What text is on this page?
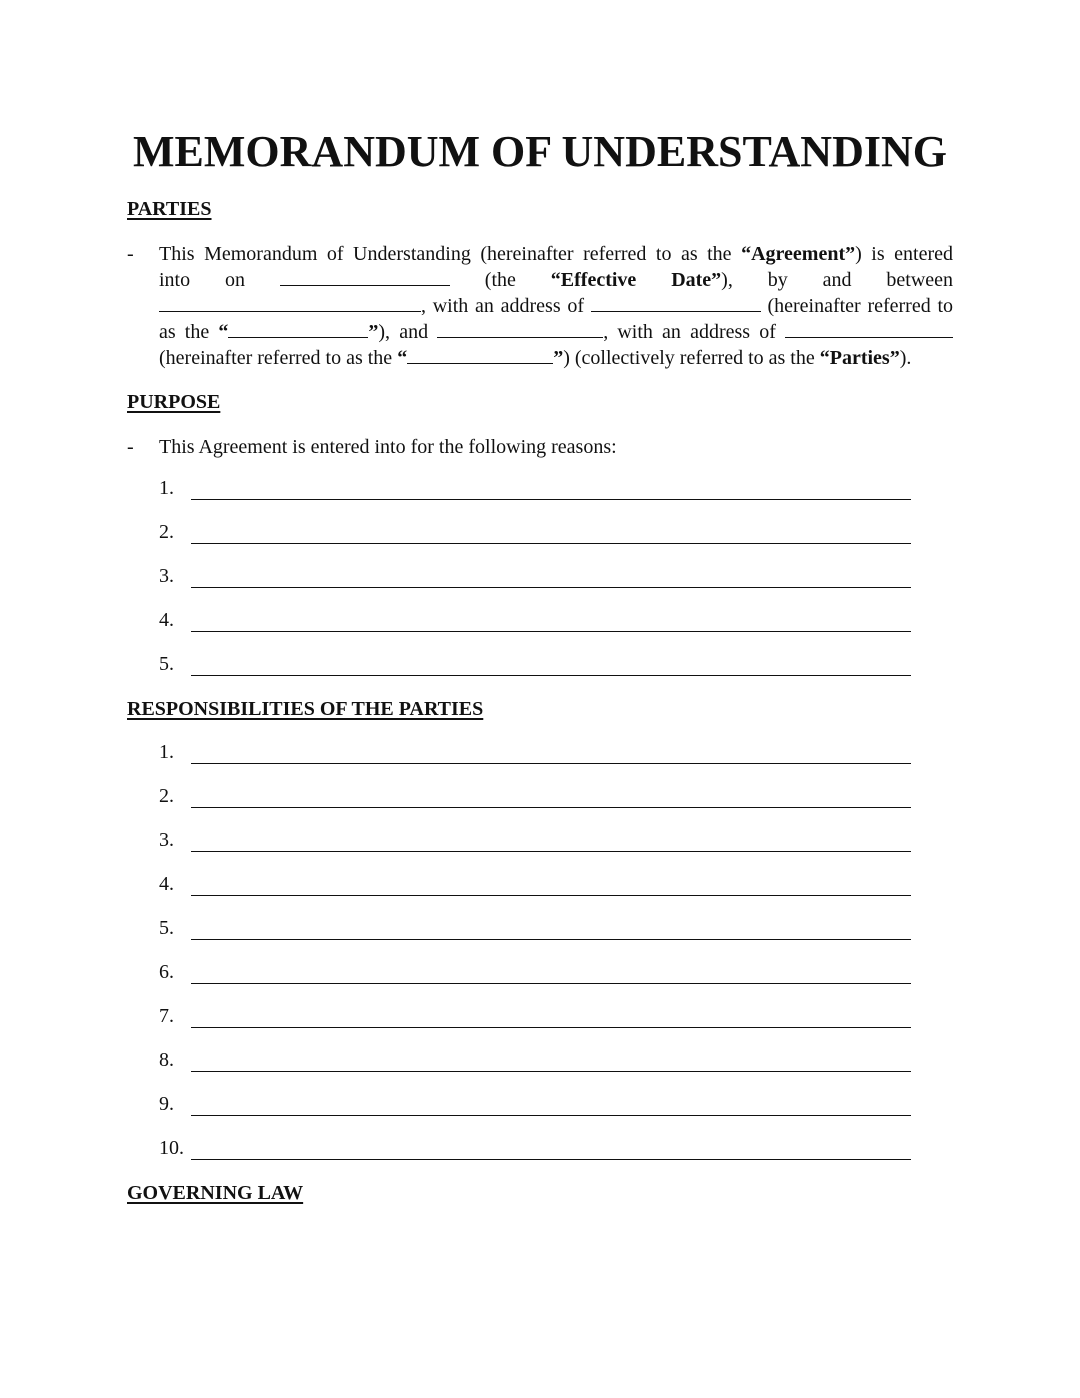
MEMORANDUM OF UNDERSTANDING
PARTIES
- This Memorandum of Understanding (hereinafter referred to as the “Agreement”) is entered
into on	(the “Effective Date”), by and between
, with an address of	(hereinafter referred to
as the “	”), and	, with an address of
(hereinafter referred to as the “	”) (collectively referred to as the “Parties”).
PURPOSE
- This Agreement is entered into for the following reasons:
1.
2.
3.
4.
5.
RESPONSIBILITIES OF THE PARTIES
1.
2.
3.
4.
5.
6.
7.
8.
9.
10.
GOVERNING LAW
